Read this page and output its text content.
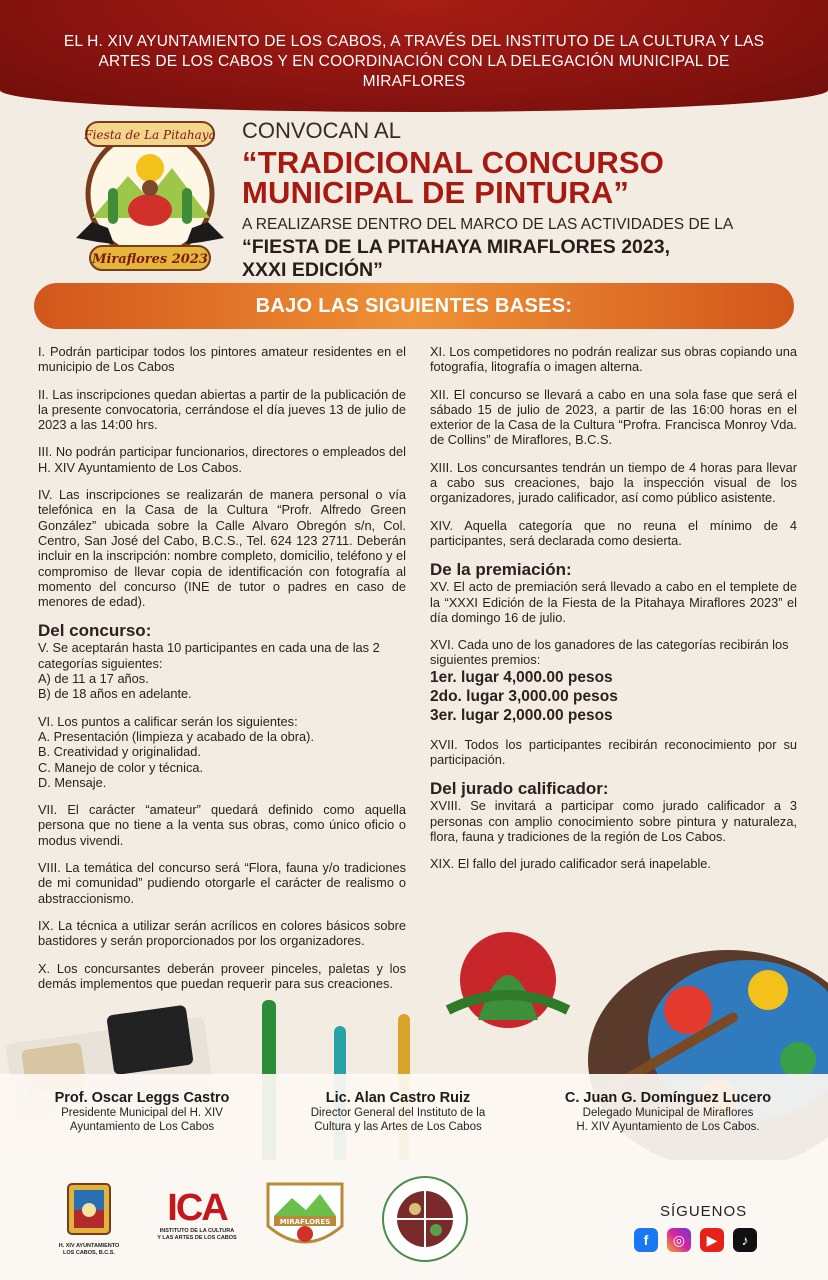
EL H. XIV AYUNTAMIENTO DE LOS CABOS, A TRAVÉS DEL INSTITUTO DE LA CULTURA Y LAS ARTES DE LOS CABOS Y EN COORDINACIÓN CON LA DELEGACIÓN MUNICIPAL DE MIRAFLORES

Fiesta de La Pitahaya
Miraflores 2023
CONVOCAN AL
“TRADICIONAL CONCURSO
MUNICIPAL DE PINTURA”
A REALIZARSE DENTRO DEL MARCO DE LAS ACTIVIDADES DE LA
“FIESTA DE LA PITAHAYA MIRAFLORES 2023,
XXXI EDICIÓN”
BAJO LAS SIGUIENTES BASES:

I. Podrán participar todos los pintores amateur residentes en el municipio de Los Cabos

II. Las inscripciones quedan abiertas a partir de la publicación de la presente convocatoria, cerrándose el día jueves 13 de julio de 2023 a las 14:00 hrs.

III. No podrán participar funcionarios, directores o empleados del H. XIV Ayuntamiento de Los Cabos.

IV. Las inscripciones se realizarán de manera personal o vía telefónica en la Casa de la Cultura “Profr. Alfredo Green González” ubicada sobre la Calle Alvaro Obregón s/n, Col. Centro, San José del Cabo, B.C.S., Tel. 624 123 2711. Deberán incluir en la inscripción: nombre completo, domicilio, teléfono y el compromiso de llevar copia de identificación con fotografía al momento del concurso (INE de tutor o padres en caso de menores de edad).

Del concurso:

V. Se aceptarán hasta 10 participantes en cada una de las 2 categorías siguientes:

A) de 11 a 17 años.

B) de 18 años en adelante.

VI. Los puntos a calificar serán los siguientes:

A. Presentación (limpieza y acabado de la obra).

B. Creatividad y originalidad.

C. Manejo de color y técnica.

D. Mensaje.

VII. El carácter “amateur” quedará definido como aquella persona que no tiene a la venta sus obras, como único oficio o modus vivendi.

VIII. La temática del concurso será “Flora, fauna y/o tradiciones de mi comunidad” pudiendo otorgarle el carácter de realismo o abstraccionismo.

IX. La técnica a utilizar serán acrílicos en colores básicos sobre bastidores y serán proporcionados por los organizadores.

X. Los concursantes deberán proveer pinceles, paletas y los demás implementos que puedan requerir para sus creaciones.

XI. Los competidores no podrán realizar sus obras copiando una fotografía, litografía o imagen alterna.

XII. El concurso se llevará a cabo en una sola fase que será el sábado 15 de julio de 2023, a partir de las 16:00 horas en el exterior de la Casa de la Cultura “Profra. Francisca Monroy Vda. de Collins” de Miraflores, B.C.S.

XIII. Los concursantes tendrán un tiempo de 4 horas para llevar a cabo sus creaciones, bajo la inspección visual de los organizadores, jurado calificador, así como público asistente.

XIV. Aquella categoría que no reuna el mínimo de 4 participantes, será declarada como desierta.

De la premiación:

XV. El acto de premiación será llevado a cabo en el templete de la “XXXI Edición de la Fiesta de la Pitahaya Miraflores 2023” el día domingo 16 de julio.

XVI. Cada uno de los ganadores de las categorías recibirán los siguientes premios:

1er. lugar 4,000.00 pesos

2do. lugar 3,000.00 pesos

3er. lugar 2,000.00 pesos

XVII. Todos los participantes recibirán reconocimiento por su participación.

Del jurado calificador:

XVIII. Se invitará a participar como jurado calificador a 3 personas con amplio conocimiento sobre pintura y naturaleza, flora, fauna y tradiciones de la región de Los Cabos.

XIX. El fallo del jurado calificador será inapelable.

Prof. Oscar Leggs Castro
Presidente Municipal del H. XIV
Ayuntamiento de Los Cabos
Lic. Alan Castro Ruiz
Director General del Instituto de la
Cultura y las Artes de Los Cabos
C. Juan G. Domínguez Lucero
Delegado Municipal de Miraflores
H. XIV Ayuntamiento de Los Cabos.
H. XIV AYUNTAMIENTO
LOS CABOS, B.C.S.
ICA
INSTITUTO DE LA CULTURA
Y LAS ARTES DE LOS CABOS
MIRAFLORES
SÍGUENOS
f	◎	▶	♪
